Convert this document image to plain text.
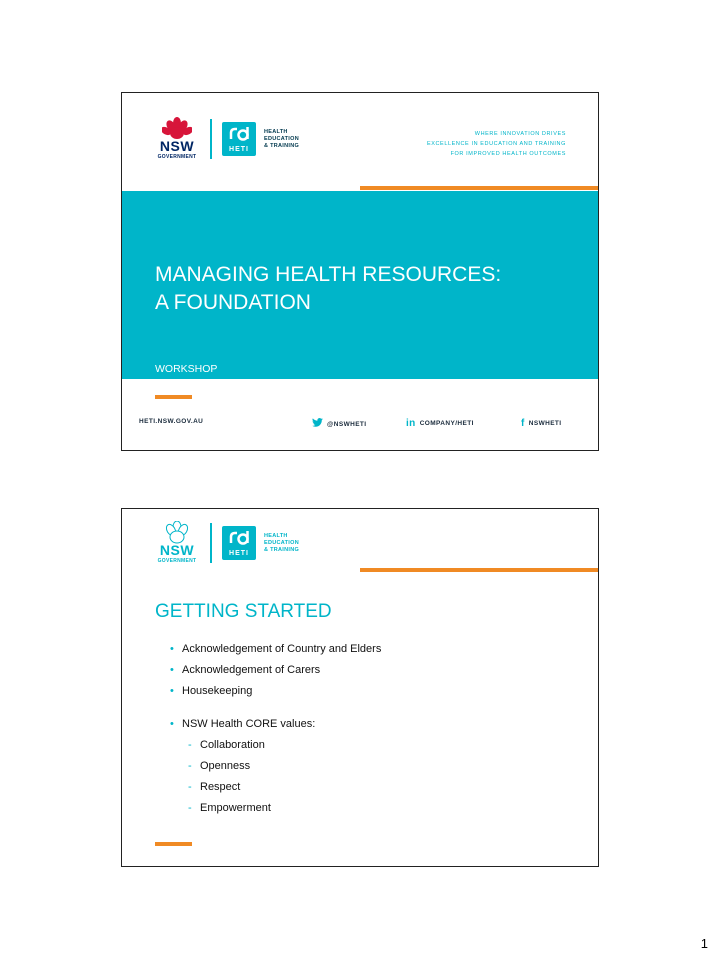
NSW
GOVERNMENT
HETI
HEALTH
EDUCATION
& TRAINING
WHERE INNOVATION DRIVES
EXCELLENCE IN EDUCATION AND TRAINING
FOR IMPROVED HEALTH OUTCOMES
MANAGING HEALTH RESOURCES:
A FOUNDATION
WORKSHOP
HETI.NSW.GOV.AU	@NSWHETI	in COMPANY/HETI	f NSWHETI
NSW
GOVERNMENT
HETI
HEALTH
EDUCATION
& TRAINING
GETTING STARTED
• Acknowledgement of Country and Elders
• Acknowledgement of Carers
• Housekeeping
• NSW Health CORE values:
- Collaboration
- Openness
- Respect
- Empowerment
1
